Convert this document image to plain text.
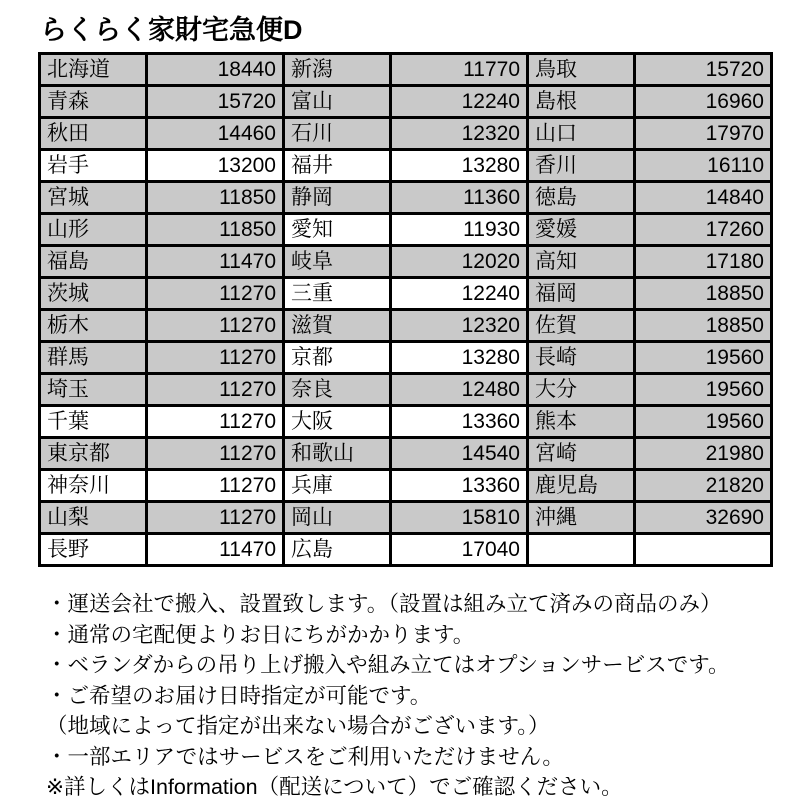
らくらく家財宅急便D
北海道	18440	新潟	11770	鳥取	15720
青森	15720	富山	12240	島根	16960
秋田	14460	石川	12320	山口	17970
岩手	13200	福井	13280	香川	16110
宮城	11850	静岡	11360	徳島	14840
山形	11850	愛知	11930	愛媛	17260
福島	11470	岐阜	12020	高知	17180
茨城	11270	三重	12240	福岡	18850
栃木	11270	滋賀	12320	佐賀	18850
群馬	11270	京都	13280	長崎	19560
埼玉	11270	奈良	12480	大分	19560
千葉	11270	大阪	13360	熊本	19560
東京都	11270	和歌山	14540	宮崎	21980
神奈川	11270	兵庫	13360	鹿児島	21820
山梨	11270	岡山	15810	沖縄	32690
長野	11470	広島	17040		
・運送会社で搬入、設置致します。（設置は組み立て済みの商品のみ）
・通常の宅配便よりお日にちがかかります。
・ベランダからの吊り上げ搬入や組み立てはオプションサービスです。
・ご希望のお届け日時指定が可能です。
（地域によって指定が出来ない場合がございます。）
・一部エリアではサービスをご利用いただけません。
※詳しくはInformation（配送について）でご確認ください。
